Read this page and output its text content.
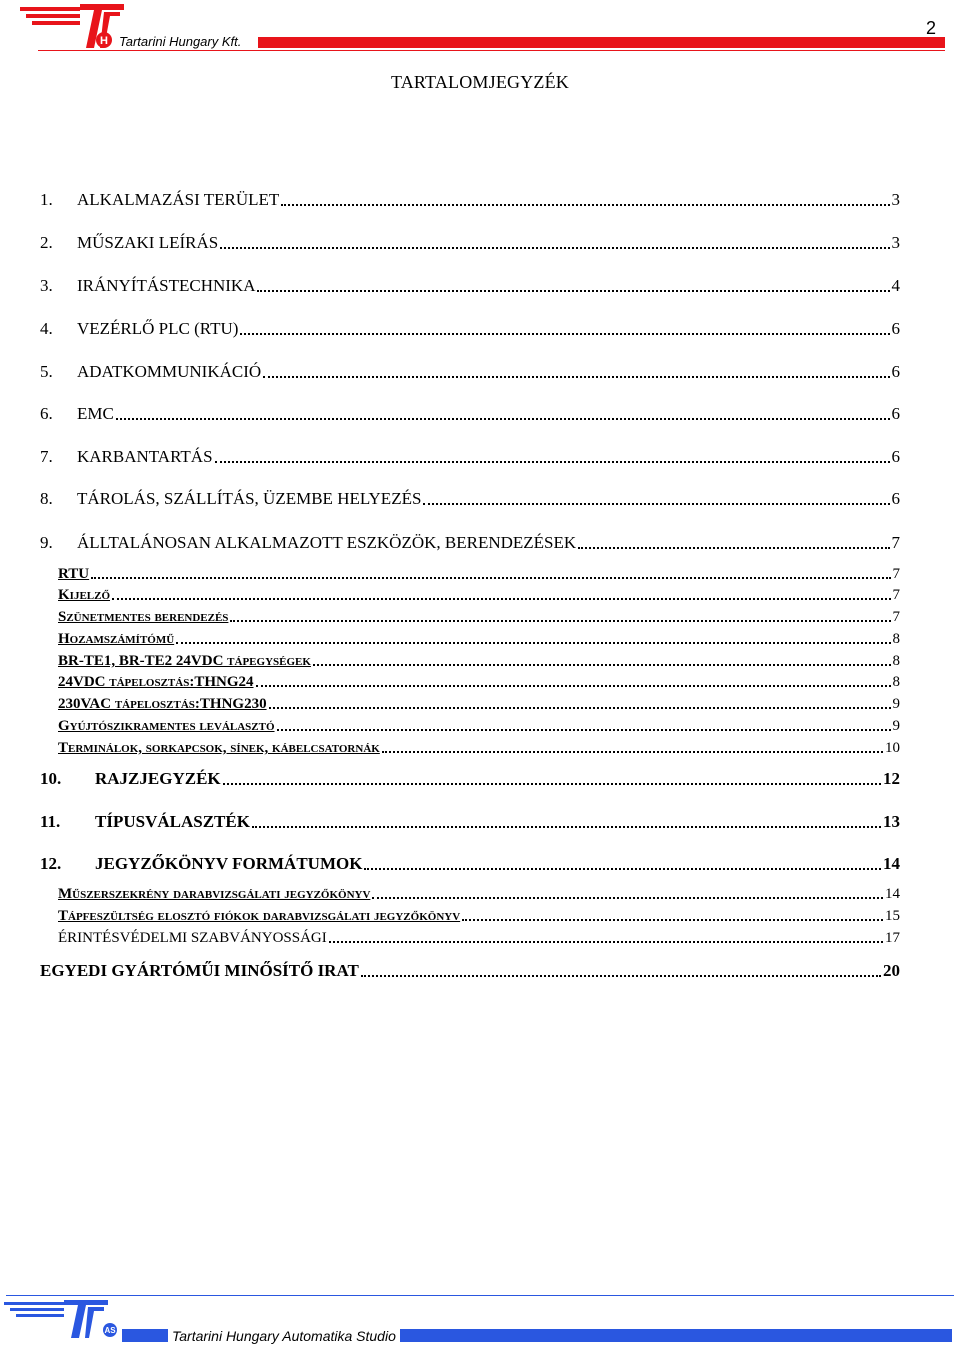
H Tartarini Hungary Kft.
2
TARTALOMJEGYZÉK
1.	ALKALMAZÁSI TERÜLET	3
2.	MŰSZAKI LEÍRÁS	3
3.	IRÁNYÍTÁSTECHNIKA	4
4.	VEZÉRLŐ PLC (RTU)	6
5.	ADATKOMMUNIKÁCIÓ	6
6.	EMC	6
7.	KARBANTARTÁS	6
8.	TÁROLÁS, SZÁLLÍTÁS, ÜZEMBE HELYEZÉS	6
9.	ÁLLTALÁNOSAN ALKALMAZOTT ESZKÖZÖK, BERENDEZÉSEK	7
RTU	7
Kijelző	7
Szünetmentes berendezés	7
Hozamszámítómű	8
BR-TE1, BR-TE2 24VDC tápegységek	8
24VDC tápelosztás:THNG24	8
230VAC tápelosztás:THNG230	9
Gyújtószikramentes leválasztó	9
Terminálok, sorkapcsok, sínek, kábelcsatornák	10
10.	RAJZJEGYZÉK	12
11.	TÍPUSVÁLASZTÉK	13
12.	JEGYZŐKÖNYV FORMÁTUMOK	14
Műszerszekrény darabvizsgálati jegyzőkönyv	14
Tápfeszültség elosztó fiókok darabvizsgálati jegyzőkönyv	15
ÉRINTÉSVÉDELMI SZABVÁNYOSSÁGI	17
EGYEDI GYÁRTÓMŰI MINŐSÍTŐ IRAT	20
AS	Tartarini Hungary Automatika Studio
